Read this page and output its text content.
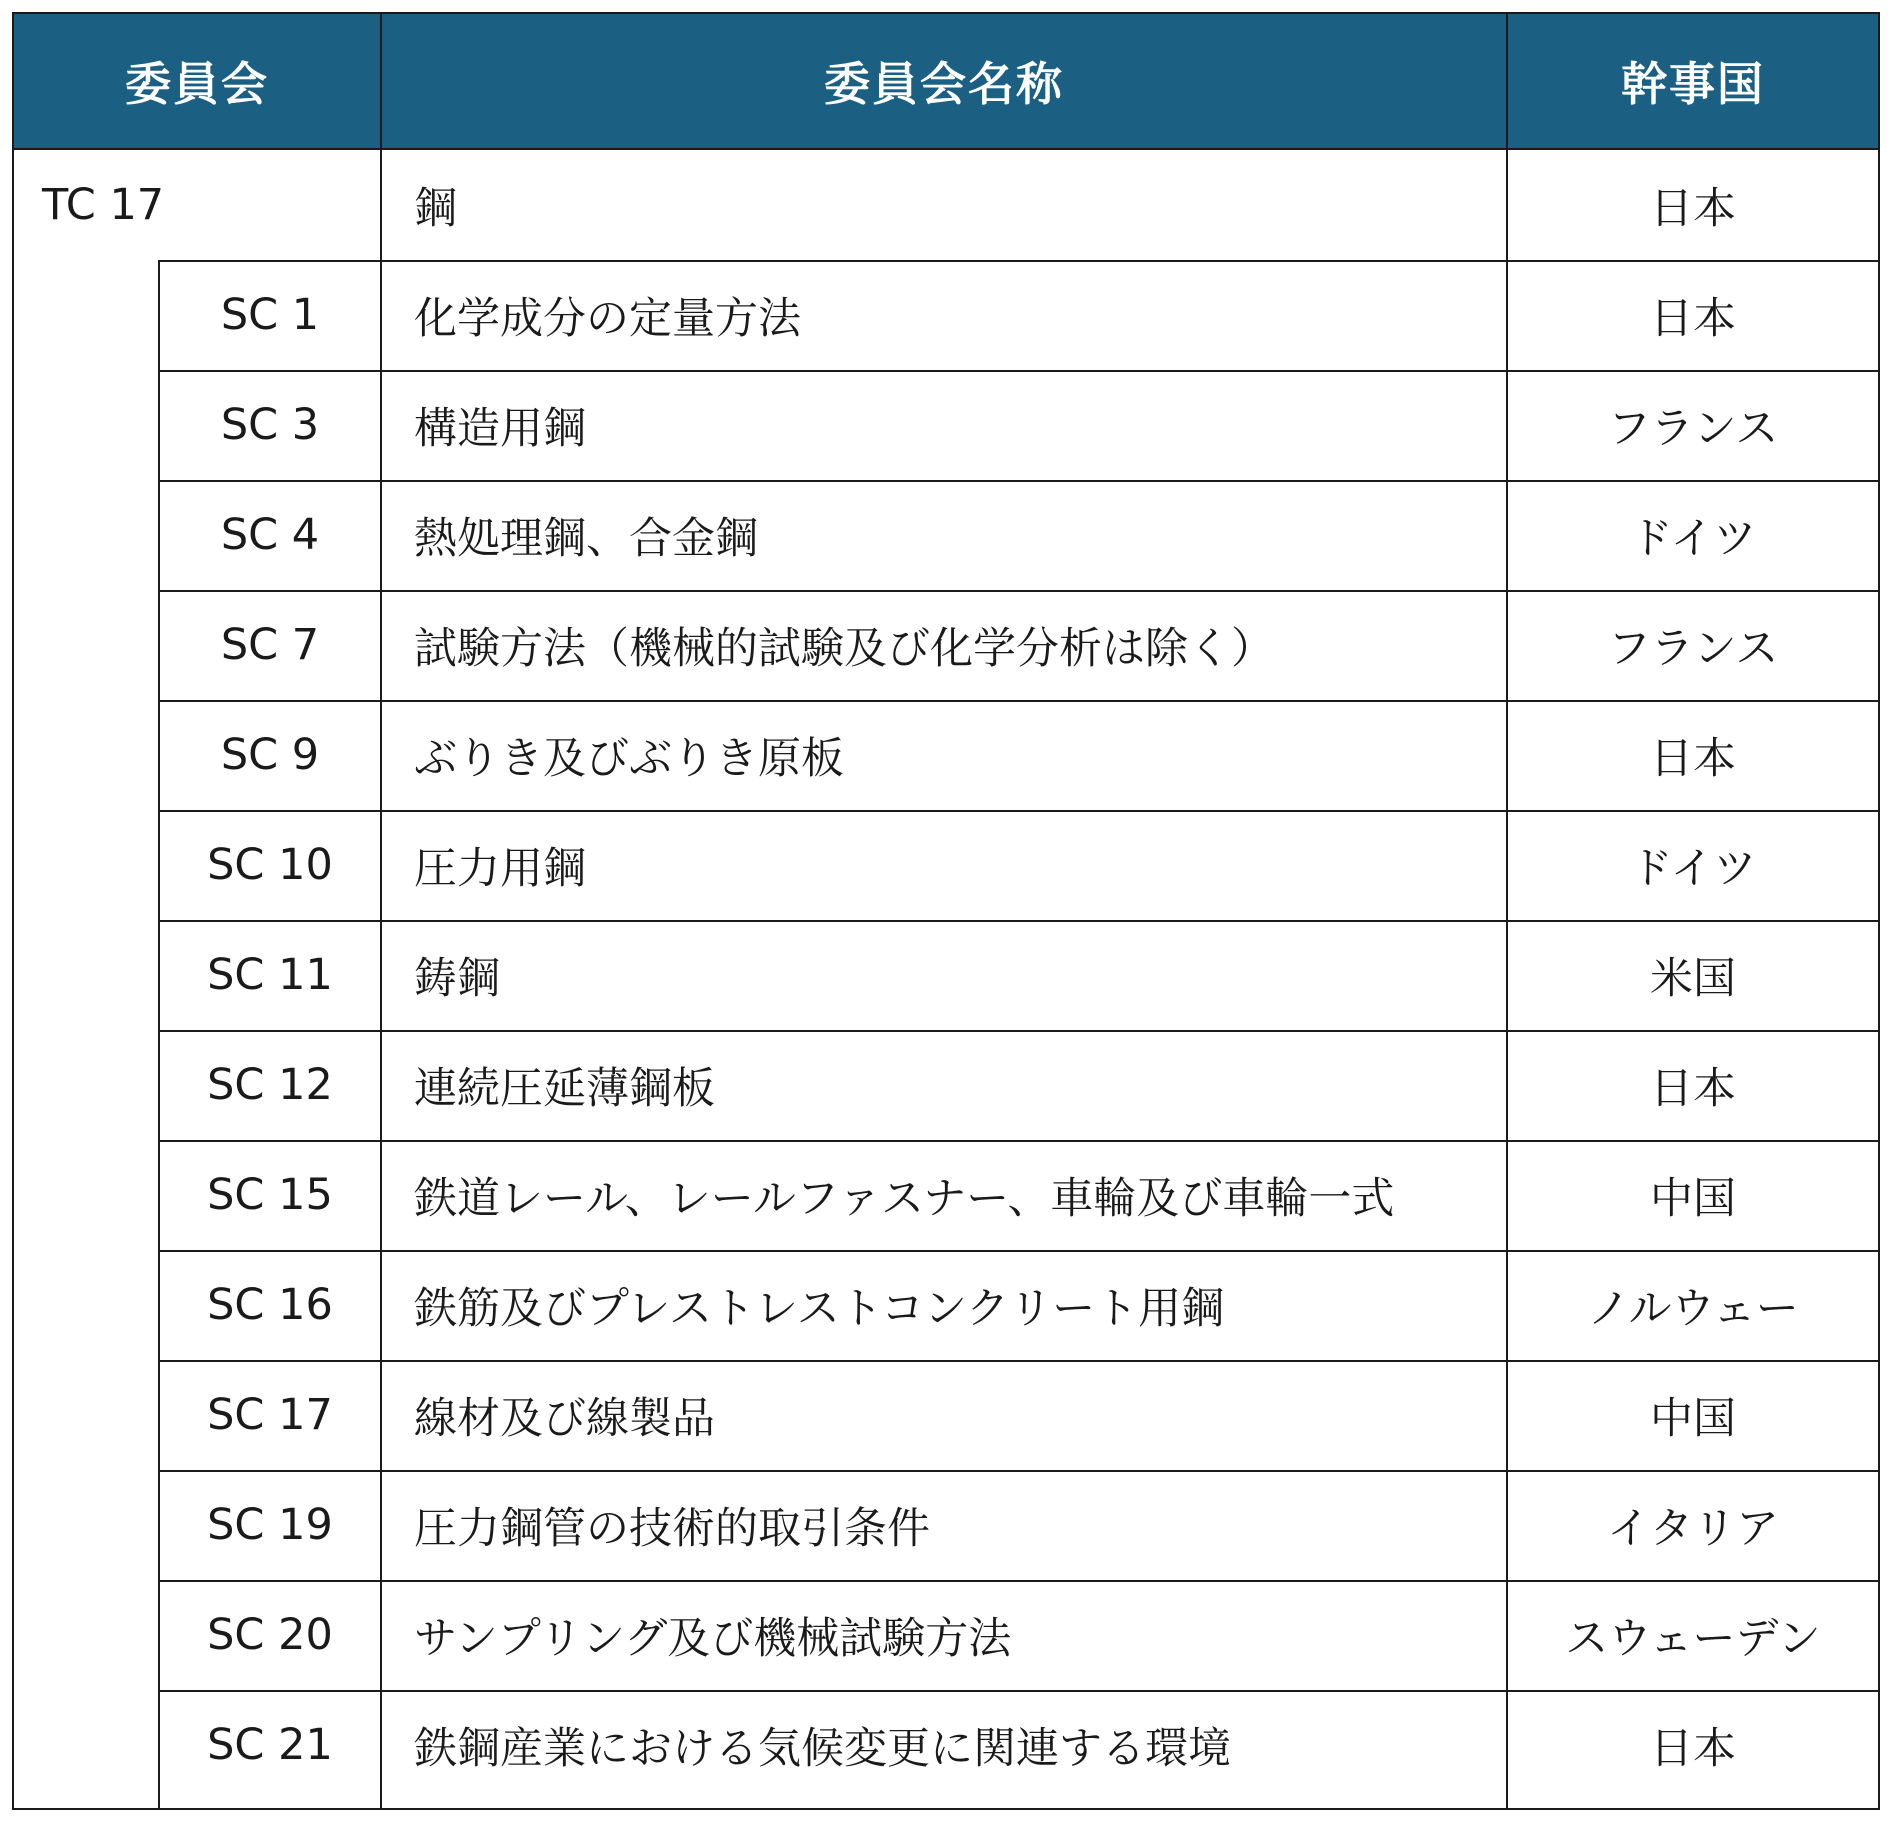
委員会	委員会名称	幹事国
TC 17	鋼	日本
SC 1	化学成分の定量方法	日本
SC 3	構造用鋼	フランス
SC 4	熱処理鋼、合金鋼	ドイツ
SC 7	試験方法（機械的試験及び化学分析は除く）	フランス
SC 9	ぶりき及びぶりき原板	日本
SC 10	圧力用鋼	ドイツ
SC 11	鋳鋼	米国
SC 12	連続圧延薄鋼板	日本
SC 15	鉄道レール、レールファスナー、車輪及び車輪一式	中国
SC 16	鉄筋及びプレストレストコンクリート用鋼	ノルウェー
SC 17	線材及び線製品	中国
SC 19	圧力鋼管の技術的取引条件	イタリア
SC 20	サンプリング及び機械試験方法	スウェーデン
SC 21	鉄鋼産業における気候変更に関連する環境	日本
